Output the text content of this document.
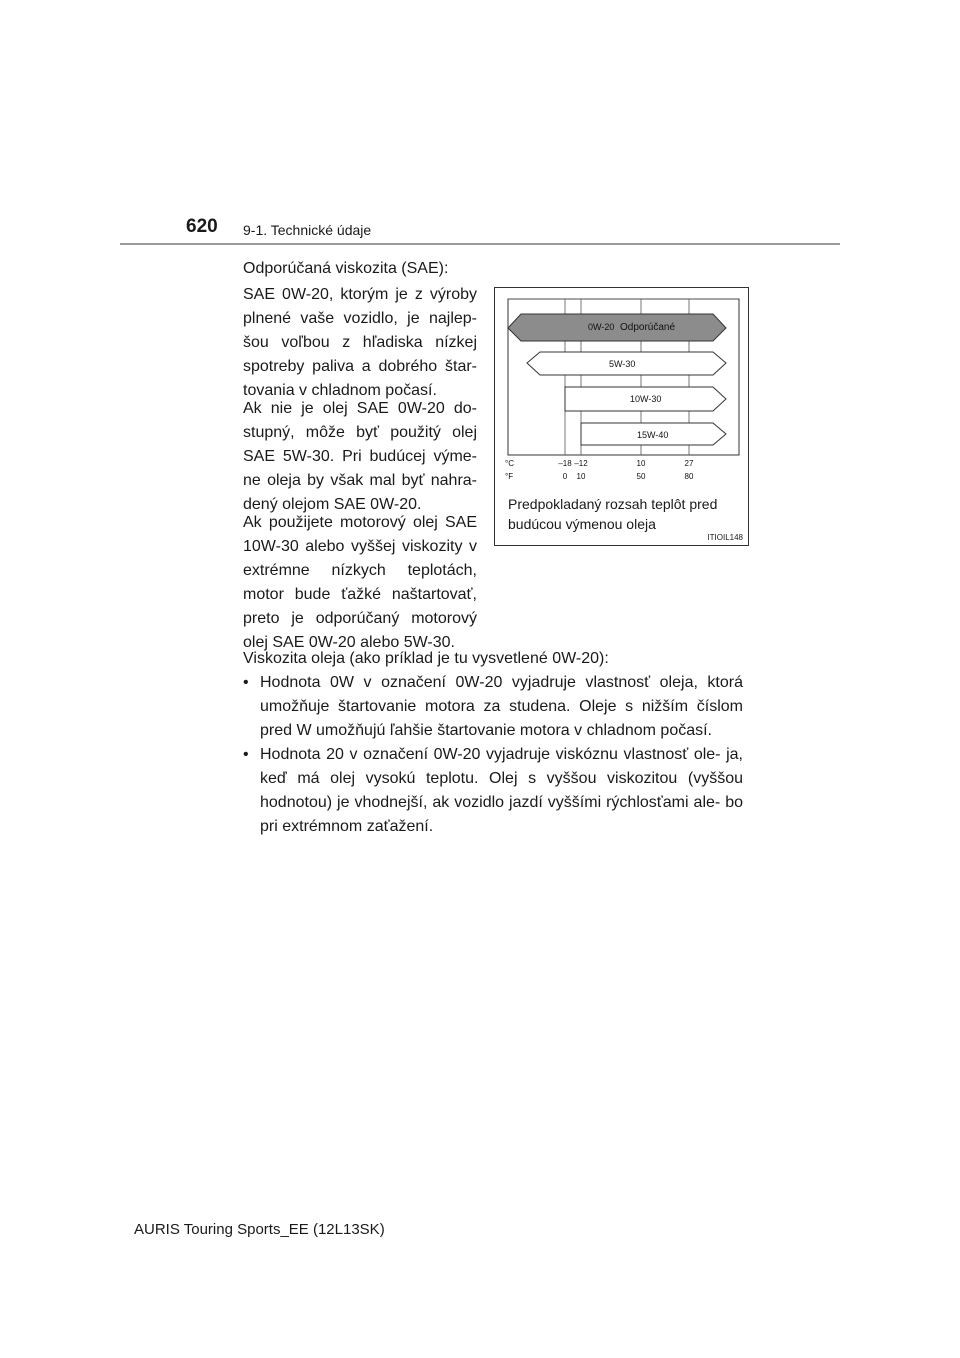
620 9-1. Technické údaje

Odporúčaná viskozita (SAE):

SAE 0W-20, ktorým je z výroby plnené vaše vozidlo, je najlep- šou voľbou z hľadiska nízkej spotreby paliva a dobrého štar- tovania v chladnom počasí.

Ak nie je olej SAE 0W-20 do- stupný, môže byť použitý olej SAE 5W-30. Pri budúcej výme- ne oleja by však mal byť nahra- dený olejom SAE 0W-20.

Ak použijete motorový olej SAE 10W-30 alebo vyššej viskozity v extrémne nízkych teplotách, motor bude ťažké naštartovať, preto je odporúčaný motorový olej SAE 0W-20 alebo 5W-30.

Viskozita oleja (ako príklad je tu vysvetlené 0W-20):

• Hodnota 0W v označení 0W-20 vyjadruje vlastnosť oleja, ktorá umožňuje štartovanie motora za studena. Oleje s nižším číslom pred W umožňujú ľahšie štartovanie motora v chladnom počasí.
• Hodnota 20 v označení 0W-20 vyjadruje viskóznu vlastnosť ole- ja, keď má olej vysokú teplotu. Olej s vyššou viskozitou (vyššou hodnotou) je vhodnejší, ak vozidlo jazdí vyššími rýchlosťami ale- bo pri extrémnom zaťažení.
0W-20 Odporúčané
5W-30
10W-30
15W-40
°C
°F
–18 –12	10	27
0 10	50	80
Predpokladaný rozsah teplôt pred budúcou výmenou oleja
ITIOIL148
AURIS Touring Sports_EE (12L13SK)
